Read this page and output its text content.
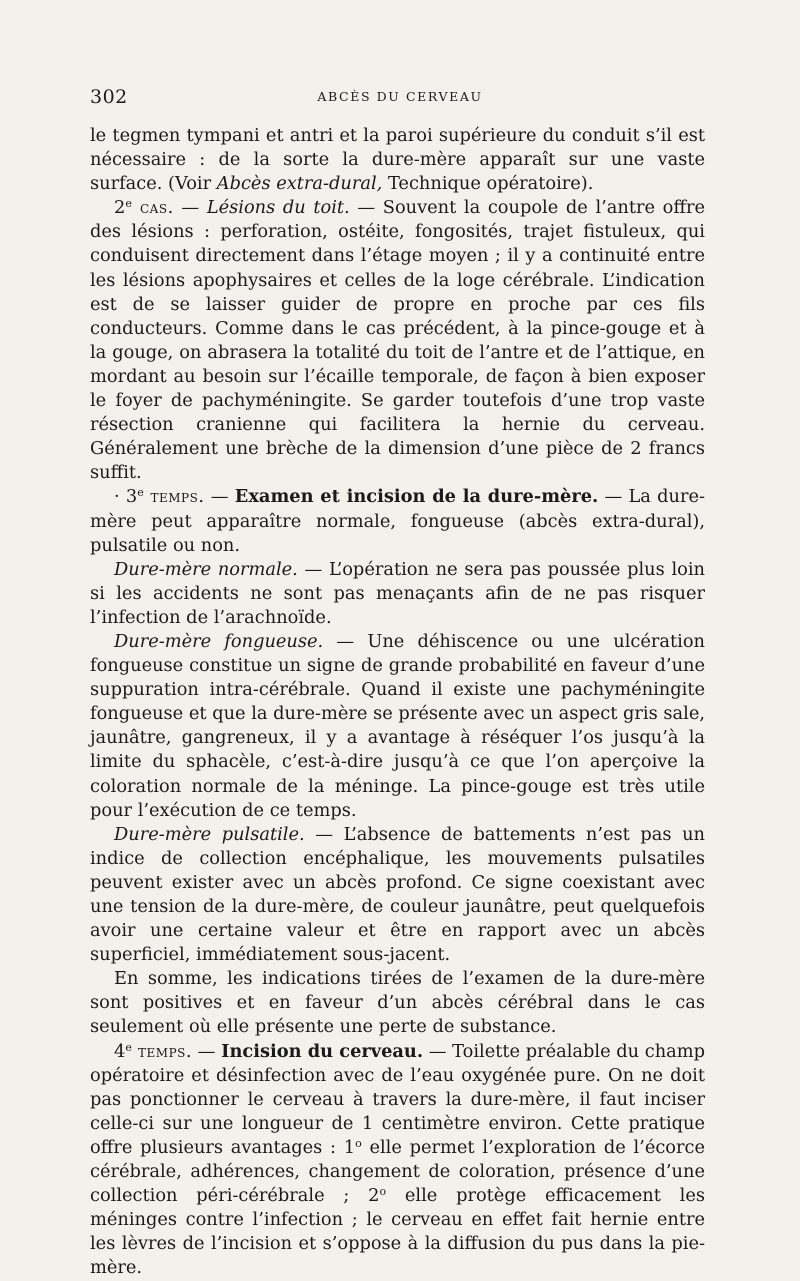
302	ABCÈS DU CERVEAU

le tegmen tympani et antri et la paroi supérieure du conduit s’il est nécessaire : de la sorte la dure-mère apparaît sur une vaste surface. (Voir Abcès extra-dural, Technique opératoire).

2e cas. — Lésions du toit. — Souvent la coupole de l’antre offre des lésions : perforation, ostéite, fongosités, trajet fistuleux, qui conduisent directement dans l’étage moyen ; il y a continuité entre les lésions apophysaires et celles de la loge cérébrale. L’indication est de se laisser guider de propre en proche par ces fils conducteurs. Comme dans le cas précédent, à la pince-gouge et à la gouge, on abrasera la totalité du toit de l’antre et de l’attique, en mordant au besoin sur l’écaille temporale, de façon à bien exposer le foyer de pachyméningite. Se garder toutefois d’une trop vaste résection cranienne qui facilitera la hernie du cerveau. Généralement une brèche de la dimension d’une pièce de 2 francs suffit.

· $3^e$ temps. — Examen et incision de la dure-mère. — La dure-mère peut apparaître normale, fongueuse (abcès extra-dural), pulsatile ou non.

Dure-mère normale. — L’opération ne sera pas poussée plus loin si les accidents ne sont pas menaçants afin de ne pas risquer l’infection de l’arachnoïde.

Dure-mère fongueuse. — Une déhiscence ou une ulcération fongueuse constitue un signe de grande probabilité en faveur d’une suppuration intra-cérébrale. Quand il existe une pachyméningite fongueuse et que la dure-mère se présente avec un aspect gris sale, jaunâtre, gangreneux, il y a avantage à réséquer l’os jusqu’à la limite du sphacèle, c’est-à-dire jusqu’à ce que l’on aperçoive la coloration normale de la méninge. La pince-gouge est très utile pour l’exécution de ce temps.

Dure-mère pulsatile. — L’absence de battements n’est pas un indice de collection encéphalique, les mouvements pulsatiles peuvent exister avec un abcès profond. Ce signe coexistant avec une tension de la dure-mère, de couleur jaunâtre, peut quelquefois avoir une certaine valeur et être en rapport avec un abcès superficiel, immédiatement sous-jacent.

En somme, les indications tirées de l’examen de la dure-mère sont positives et en faveur d’un abcès cérébral dans le cas seulement où elle présente une perte de substance.

4e temps. — Incision du cerveau. — Toilette préalable du champ opératoire et désinfection avec de l’eau oxygénée pure. On ne doit pas ponctionner le cerveau à travers la dure-mère, il faut inciser celle-ci sur une longueur de 1 centimètre environ. Cette pratique offre plusieurs avantages : 1$^o$ elle permet l’exploration de l’écorce cérébrale, adhérences, changement de coloration, présence d’une collection péri-cérébrale ; 2$^o$ elle protège efficacement les méninges contre l’infection ; le cerveau en effet fait hernie entre les lèvres de l’incision et s’oppose à la diffusion du pus dans la pie-mère.
